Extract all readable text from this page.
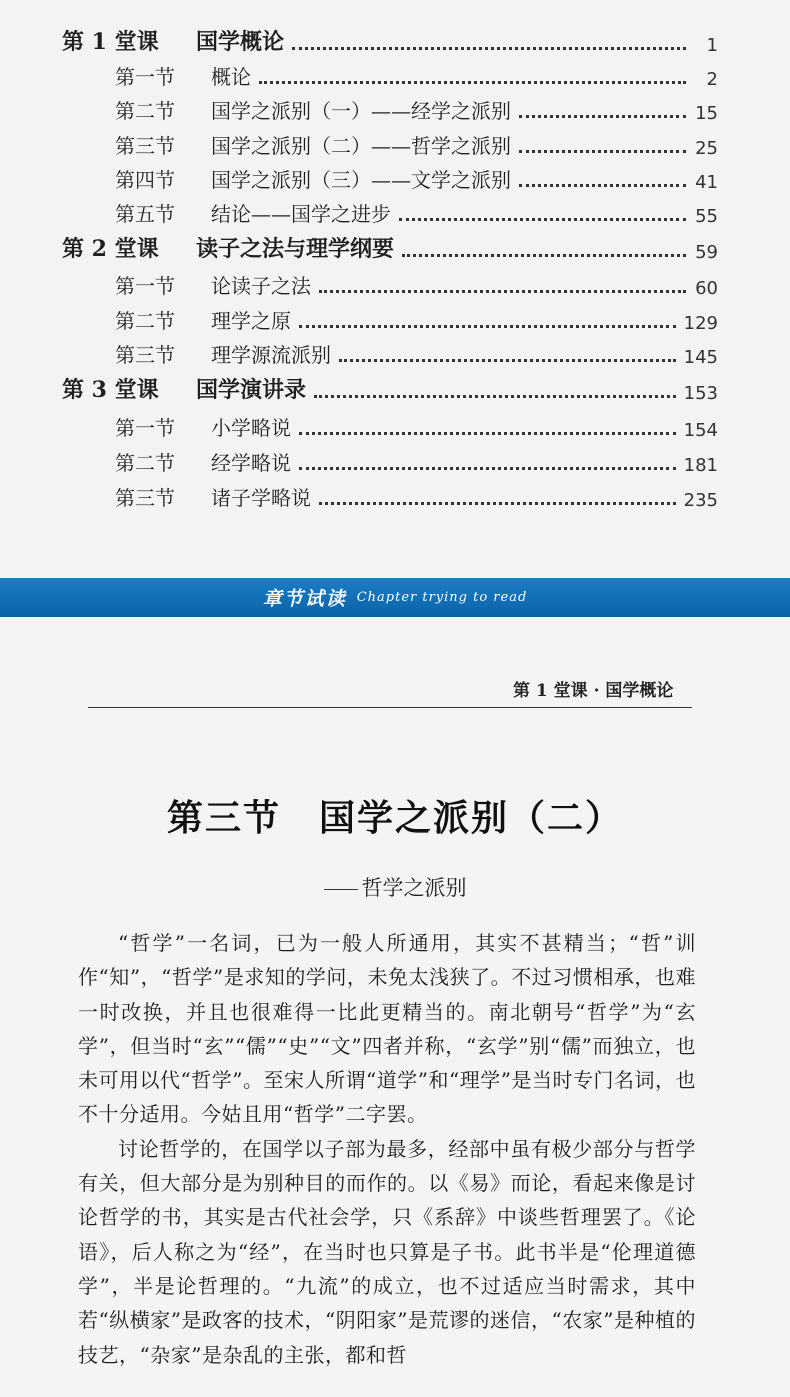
第 1 堂课	国学概论	1
第一节	概论	2
第二节	国学之派别（一）——经学之派别	15
第三节	国学之派别（二）——哲学之派别	25
第四节	国学之派别（三）——文学之派别	41
第五节	结论——国学之进步	55
第 2 堂课	读子之法与理学纲要	59
第一节	论读子之法	60
第二节	理学之原	129
第三节	理学源流派别	145
第 3 堂课	国学演讲录	153
第一节	小学略说	154
第二节	经学略说	181
第三节	诸子学略说	235
章节试读 Chapter trying to read
第 1 堂课 · 国学概论
第三节　国学之派别（二）
哲学之派别

“哲学”一名词，已为一般人所通用，其实不甚精当；“哲”训作“知”，“哲学”是求知的学问，未免太浅狭了。不过习惯相承，也难一时改换，并且也很难得一比此更精当的。南北朝号“哲学”为“玄学”，但当时“玄”“儒”“史”“文”四者并称，“玄学”别“儒”而独立，也未可用以代“哲学”。至宋人所谓“道学”和“理学”是当时专门名词，也不十分适用。今姑且用“哲学”二字罢。

讨论哲学的，在国学以子部为最多，经部中虽有极少部分与哲学有关，但大部分是为别种目的而作的。以《易》而论，看起来像是讨论哲学的书，其实是古代社会学，只《系辞》中谈些哲理罢了。《论语》，后人称之为“经”，在当时也只算是子书。此书半是“伦理道德学”，半是论哲理的。“九流”的成立，也不过适应当时需求，其中若“纵横家”是政客的技术，“阴阳家”是荒谬的迷信，“农家”是种植的技艺，“杂家”是杂乱的主张，都和哲
